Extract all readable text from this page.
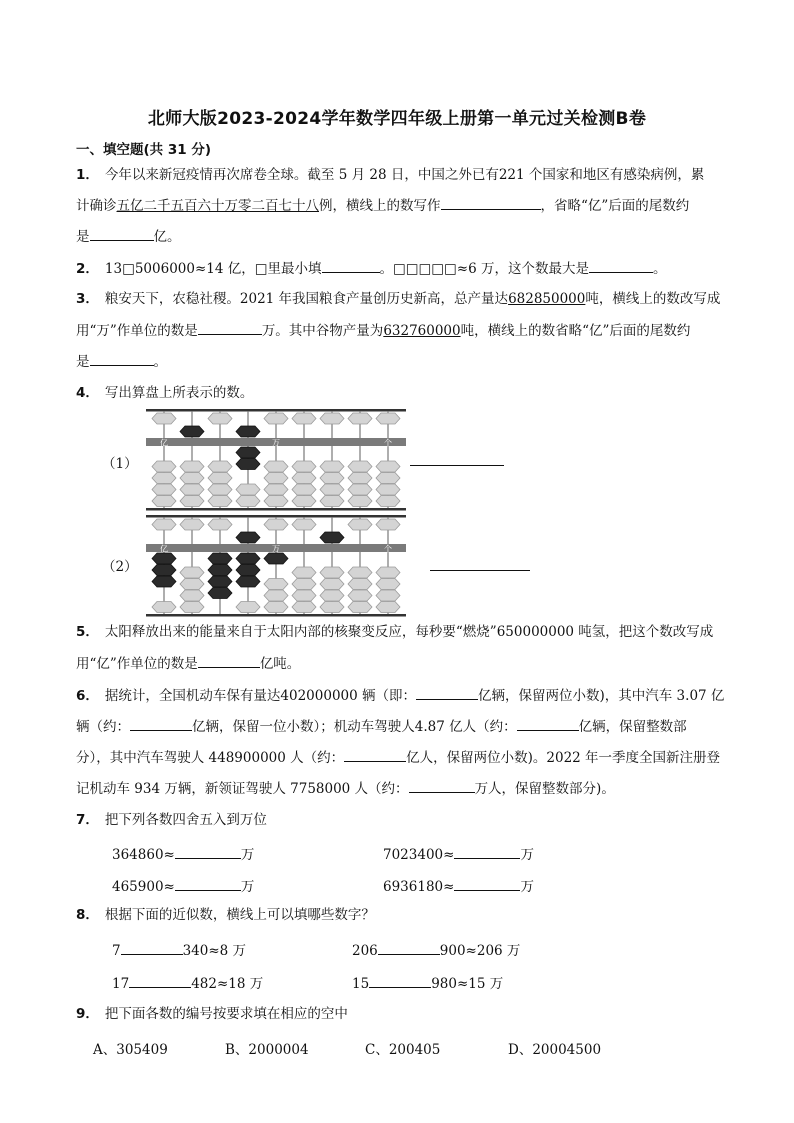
北师大版2023-2024学年数学四年级上册第一单元过关检测B卷
一、填空题(共 31 分)
1． 今年以来新冠疫情再次席卷全球。截至 5 月 28 日，中国之外已有221 个国家和地区有感染病例，累
计确诊五亿二千五百六十万零二百七十八例，横线上的数写作	，省略“亿”后面的尾数约
是	亿。
2． 13□5006000≈14 亿，□里最小填	。□□□□□≈6 万，这个数最大是	。
3． 粮安天下，农稳社稷。2021 年我国粮食产量创历史新高，总产量达682850000吨，横线上的数改写成
用“万”作单位的数是	万。其中谷物产量为632760000吨，横线上的数省略“亿”后面的尾数约
是	。
4． 写出算盘上所表示的数。
（1）
亿	万	个
（2）
亿	万	个
5． 太阳释放出来的能量来自于太阳内部的核聚变反应，每秒要“燃烧”650000000 吨氢，把这个数改写成
用“亿”作单位的数是	亿吨。
6． 据统计，全国机动车保有量达402000000 辆（即：	亿辆，保留两位小数)，其中汽车 3.07 亿
辆（约：	亿辆，保留一位小数）；机动车驾驶人4.87 亿人（约：	亿辆，保留整数部
分），其中汽车驾驶人 448900000 人（约：	亿人，保留两位小数)。2022 年一季度全国新注册登
记机动车 934 万辆，新领证驾驶人 7758000 人（约：	万人，保留整数部分)。
7． 把下列各数四舍五入到万位
364860≈	万	7023400≈	万
465900≈	万	6936180≈	万
8． 根据下面的近似数，横线上可以填哪些数字？
7	340≈8 万	206	900≈206 万
17	482≈18 万	15	980≈15 万
9． 把下面各数的编号按要求填在相应的空中
A、305409	B、2000004	C、200405	D、20004500
